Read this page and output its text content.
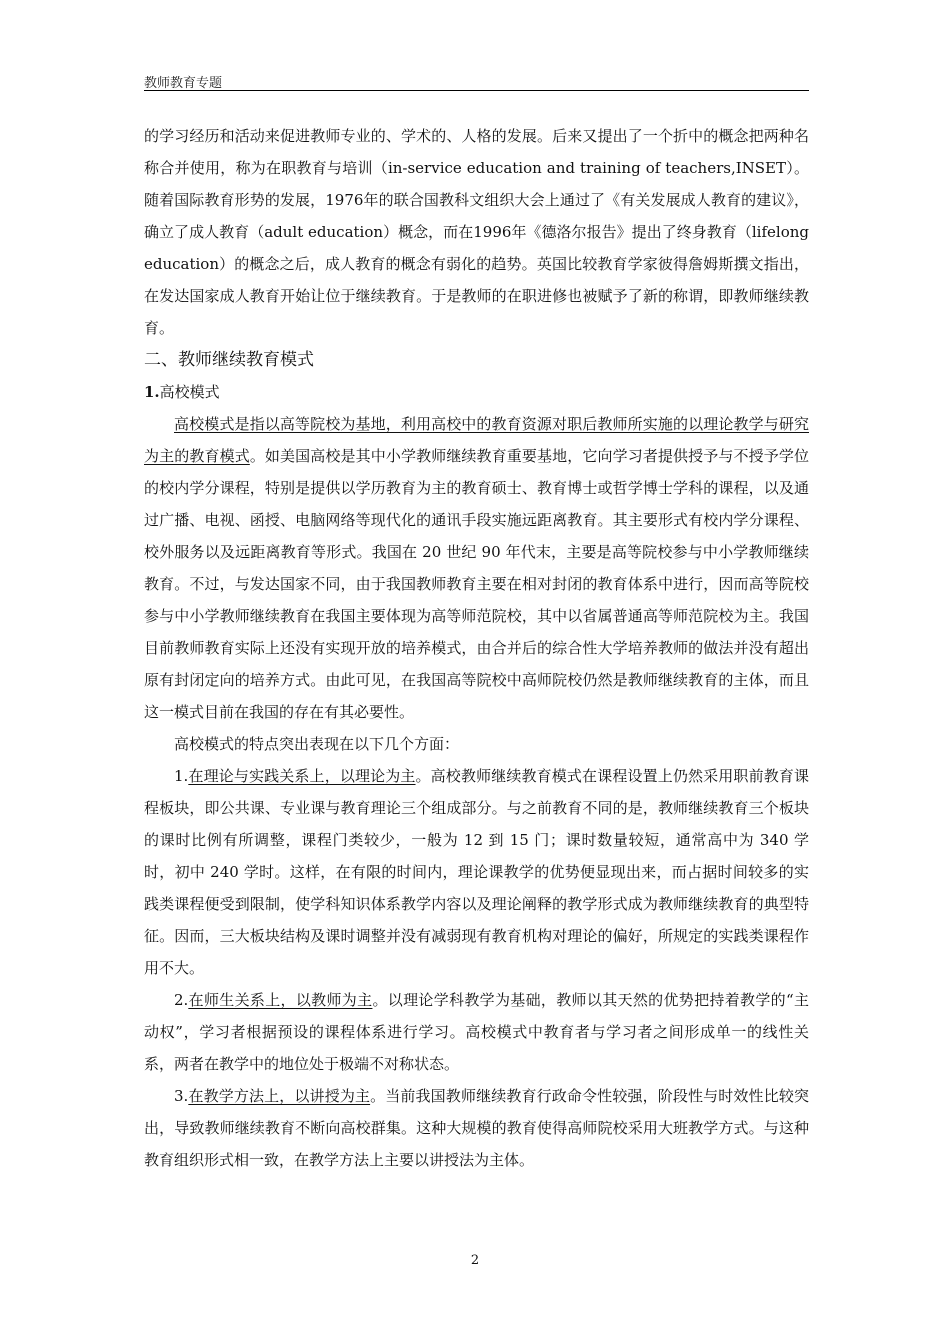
教师教育专题

的学习经历和活动来促进教师专业的、学术的、人格的发展。后来又提出了一个折中的概念把两种名称合并使用，称为在职教育与培训（in-service education and training of teachers,INSET）。随着国际教育形势的发展，1976年的联合国教科文组织大会上通过了《有关发展成人教育的建议》，确立了成人教育（adult education）概念，而在1996年《德洛尔报告》提出了终身教育（lifelong education）的概念之后，成人教育的概念有弱化的趋势。英国比较教育学家彼得詹姆斯撰文指出，在发达国家成人教育开始让位于继续教育。于是教师的在职进修也被赋予了新的称谓，即教师继续教育。

二、教师继续教育模式

1.高校模式

高校模式是指以高等院校为基地，利用高校中的教育资源对职后教师所实施的以理论教学与研究为主的教育模式。如美国高校是其中小学教师继续教育重要基地，它向学习者提供授予与不授予学位的校内学分课程，特别是提供以学历教育为主的教育硕士、教育博士或哲学博士学科的课程，以及通过广播、电视、函授、电脑网络等现代化的通讯手段实施远距离教育。其主要形式有校内学分课程、校外服务以及远距离教育等形式。我国在 20 世纪 90 年代末，主要是高等院校参与中小学教师继续教育。不过，与发达国家不同，由于我国教师教育主要在相对封闭的教育体系中进行，因而高等院校参与中小学教师继续教育在我国主要体现为高等师范院校，其中以省属普通高等师范院校为主。我国目前教师教育实际上还没有实现开放的培养模式，由合并后的综合性大学培养教师的做法并没有超出原有封闭定向的培养方式。由此可见，在我国高等院校中高师院校仍然是教师继续教育的主体，而且这一模式目前在我国的存在有其必要性。

高校模式的特点突出表现在以下几个方面：

1.在理论与实践关系上，以理论为主。高校教师继续教育模式在课程设置上仍然采用职前教育课程板块，即公共课、专业课与教育理论三个组成部分。与之前教育不同的是，教师继续教育三个板块的课时比例有所调整，课程门类较少，一般为 12 到 15 门；课时数量较短，通常高中为 340 学时，初中 240 学时。这样，在有限的时间内，理论课教学的优势便显现出来，而占据时间较多的实践类课程便受到限制，使学科知识体系教学内容以及理论阐释的教学形式成为教师继续教育的典型特征。因而，三大板块结构及课时调整并没有减弱现有教育机构对理论的偏好，所规定的实践类课程作用不大。

2.在师生关系上，以教师为主。以理论学科教学为基础，教师以其天然的优势把持着教学的“主动权”，学习者根据预设的课程体系进行学习。高校模式中教育者与学习者之间形成单一的线性关系，两者在教学中的地位处于极端不对称状态。

3.在教学方法上，以讲授为主。当前我国教师继续教育行政命令性较强，阶段性与时效性比较突出，导致教师继续教育不断向高校群集。这种大规模的教育使得高师院校采用大班教学方式。与这种教育组织形式相一致，在教学方法上主要以讲授法为主体。

2
